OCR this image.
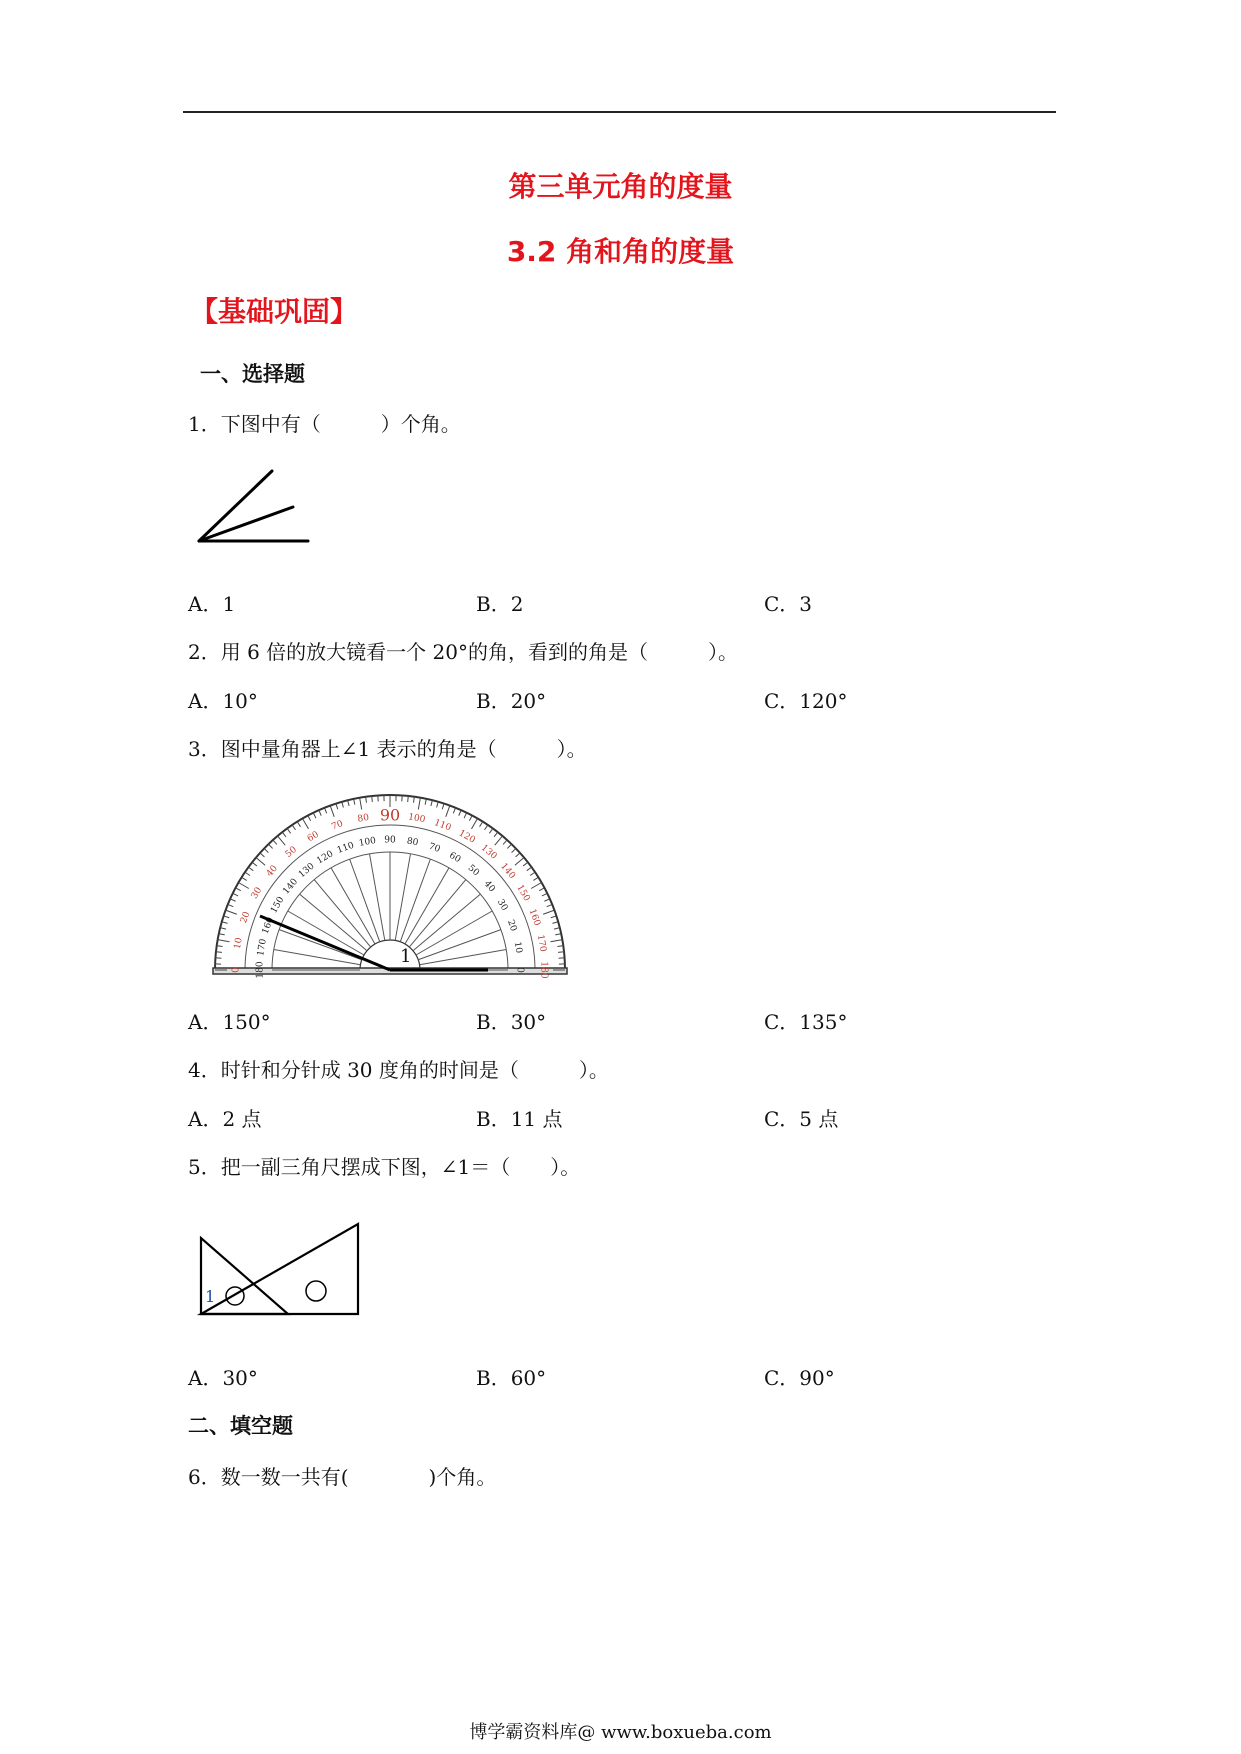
第三单元角的度量
3.2 角和角的度量
【基础巩固】
一、选择题
1．下图中有（　　　）个角。
A．1	B．2	C．3
2．用 6 倍的放大镜看一个 20°的角，看到的角是（　　　）。
A．10°	B．20°	C．120°
3．图中量角器上∠1 表示的角是（　　　）。
0 180
10 170
20 160
30
150
40
140
50
130
60
120
70
110
80
100
90
90
100
80
110
70
120
60 130
50 140
40 150
30
160
20
170
10
180
0
1
A．150°	B．30°	C．135°
4．时针和分针成 30 度角的时间是（　　　）。
A．2 点	B．11 点	C．5 点
5．把一副三角尺摆成下图，∠1＝（　　）。
1
A．30°	B．60°	C．90°
二、填空题
6．数一数一共有(　　　　)个角。
博学霸资料库@ www.boxueba.com
